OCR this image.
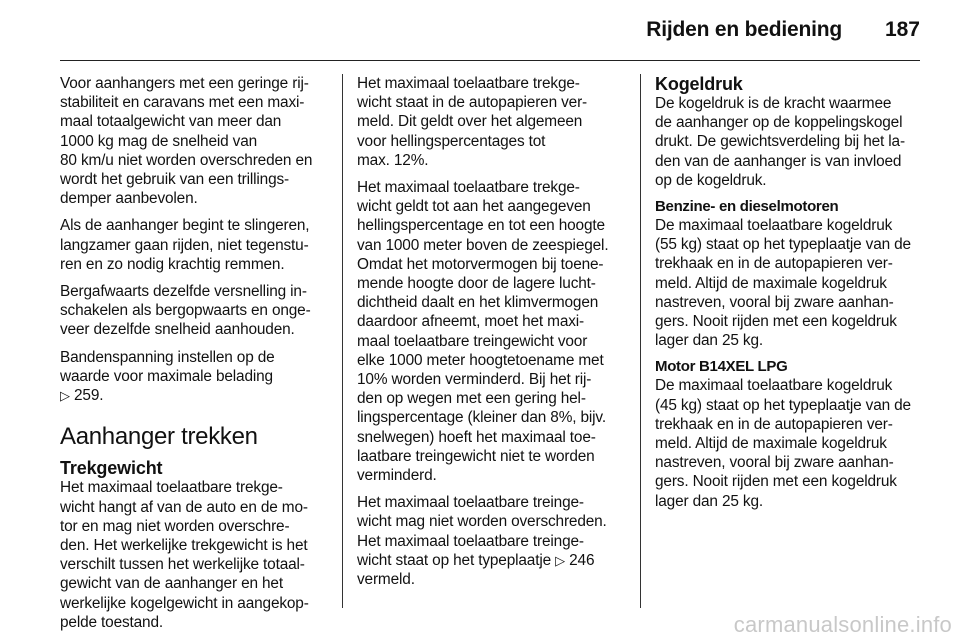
Rijden en bediening 187

Voor aanhangers met een geringe rij-
stabiliteit en caravans met een maxi-
maal totaalgewicht van meer dan
1000 kg mag de snelheid van
80 km/u niet worden overschreden en
wordt het gebruik van een trillings-
demper aanbevolen.

Als de aanhanger begint te slingeren,
langzamer gaan rijden, niet tegenstu-
ren en zo nodig krachtig remmen.

Bergafwaarts dezelfde versnelling in-
schakelen als bergopwaarts en onge-
veer dezelfde snelheid aanhouden.

Bandenspanning instellen op de
waarde voor maximale belading
▷ 259.

Aanhanger trekken
Trekgewicht

Het maximaal toelaatbare trekge-
wicht hangt af van de auto en de mo-
tor en mag niet worden overschre-
den. Het werkelijke trekgewicht is het
verschilt tussen het werkelijke totaal-
gewicht van de aanhanger en het
werkelijke kogelgewicht in aangekop-
pelde toestand.

Het maximaal toelaatbare trekge-
wicht staat in de autopapieren ver-
meld. Dit geldt over het algemeen
voor hellingspercentages tot
max. 12%.

Het maximaal toelaatbare trekge-
wicht geldt tot aan het aangegeven
hellingspercentage en tot een hoogte
van 1000 meter boven de zeespiegel.
Omdat het motorvermogen bij toene-
mende hoogte door de lagere lucht-
dichtheid daalt en het klimvermogen
daardoor afneemt, moet het maxi-
maal toelaatbare treingewicht voor
elke 1000 meter hoogtetoename met
10% worden verminderd. Bij het rij-
den op wegen met een gering hel-
lingspercentage (kleiner dan 8%, bijv.
snelwegen) hoeft het maximaal toe-
laatbare treingewicht niet te worden
verminderd.

Het maximaal toelaatbare treinge-
wicht mag niet worden overschreden.
Het maximaal toelaatbare treinge-
wicht staat op het typeplaatje ▷ 246
vermeld.

Kogeldruk

De kogeldruk is de kracht waarmee
de aanhanger op de koppelingskogel
drukt. De gewichtsverdeling bij het la-
den van de aanhanger is van invloed
op de kogeldruk.

Benzine- en dieselmotoren

De maximaal toelaatbare kogeldruk
(55 kg) staat op het typeplaatje van de
trekhaak en in de autopapieren ver-
meld. Altijd de maximale kogeldruk
nastreven, vooral bij zware aanhan-
gers. Nooit rijden met een kogeldruk
lager dan 25 kg.

Motor B14XEL LPG

De maximaal toelaatbare kogeldruk
(45 kg) staat op het typeplaatje van de
trekhaak en in de autopapieren ver-
meld. Altijd de maximale kogeldruk
nastreven, vooral bij zware aanhan-
gers. Nooit rijden met een kogeldruk
lager dan 25 kg.

carmanualsonline.info
